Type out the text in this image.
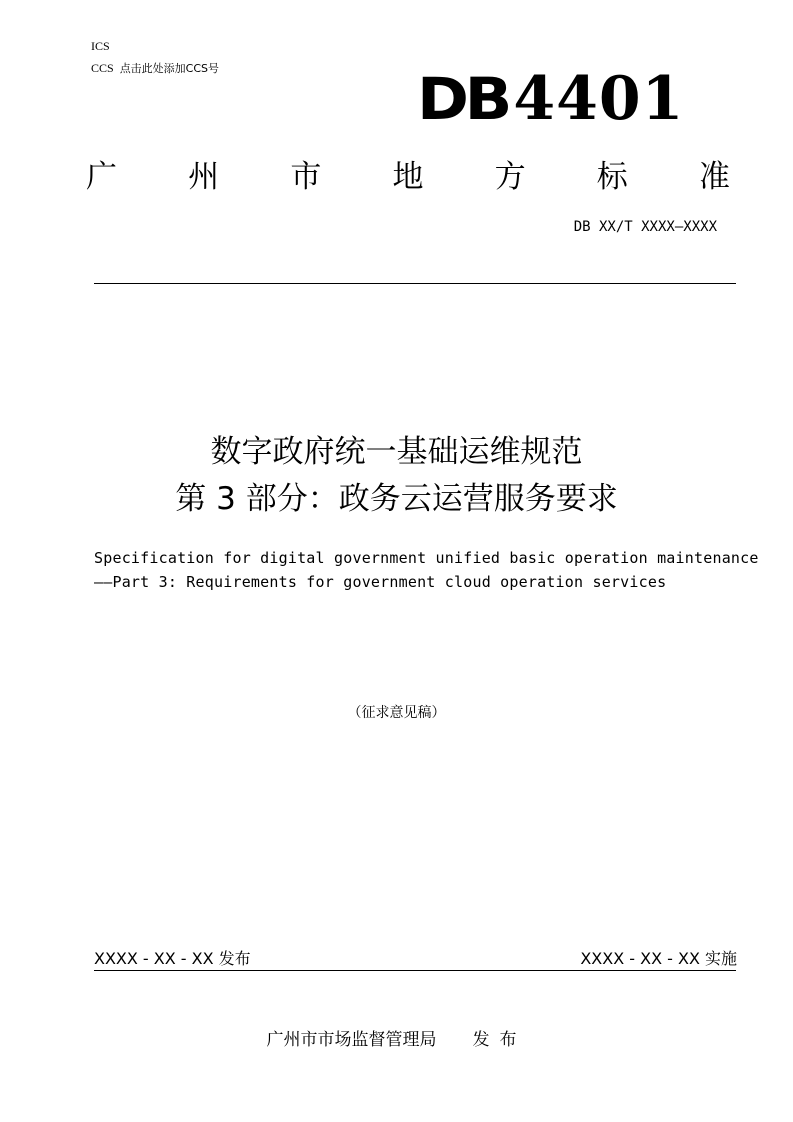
ICS
CCS 点击此处添加CCS号	DB4401
广 州 市 地 方 标 准
DB XX/T XXXX—XXXX
数字政府统一基础运维规范
第 3 部分：政务云运营服务要求
Specification for digital government unified basic operation maintenance
——Part 3: Requirements for government cloud operation services
（征求意见稿）
XXXX - XX - XX 发布	XXXX - XX - XX 实施
广州市市场监督管理局 发布
